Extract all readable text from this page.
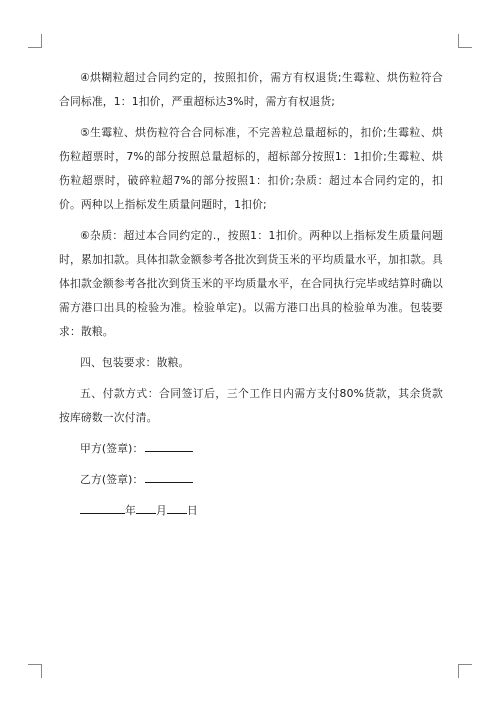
④烘糊粒超过合同约定的，按照扣价，需方有权退货;生霉粒、烘伤粒符合合同标准，1：1扣价，严重超标达3%时，需方有权退货;

⑤生霉粒、烘伤粒符合合同标准，不完善粒总量超标的，扣价;生霉粒、烘伤粒超票时，7%的部分按照总量超标的，超标部分按照1：1扣价;生霉粒、烘伤粒超票时，破碎粒超7%的部分按照1：扣价;杂质：超过本合同约定的，扣价。两种以上指标发生质量问题时，1扣价;

⑥杂质：超过本合同约定的.，按照1：1扣价。两种以上指标发生质量问题时，累加扣款。具体扣款金额参考各批次到货玉米的平均质量水平，加扣款。具体扣款金额参考各批次到货玉米的平均质量水平，在合同执行完毕或结算时确以需方港口出具的检验为准。检验单定)。以需方港口出具的检验单为准。包装要求：散粮。

四、包装要求：散粮。

五、付款方式：合同签订后，三个工作日内需方支付80%货款，其余货款按库磅数一次付清。

甲方(签章)：

乙方(签章)：

年 月 日
